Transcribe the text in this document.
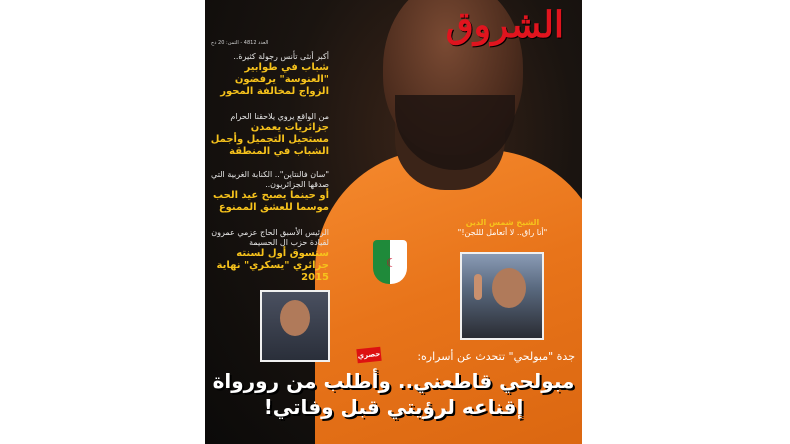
☾
الشروق
العدد 4812 - الثمن: 20 دج
أكبر أنثى تأنس رجولة كثيرة..
شباب في طوابير "العنوسة" يرفضون الزواج لمخالفة المحور
من الواقع يروي يلاحقنا الحرام
جزائريات يعمدن مستحيل التجميل وأجمل الشباب في المنطقة
"سان فالنتاين".. الكنابة الغربية التي صدقها الجزائريون..
أو حينما يصبح عيد الحب موسما للعشق الممنوع
الرئيس الأسبق الحاج عزمي عمرون لقيادة حزب ال الحسيمة
ستسوق أول لسنته جزائري "يسكري" نهاية 2015
الشيخ شمس الدين
"أنا راق.. لا أتعامل لللجن!"
حصري	جدة "مبولحي" تتحدث عن أسراره:
مبولحي قاطعني.. وأطلب من رورواة
إقناعه لرؤيتي قبل وفاتي!
